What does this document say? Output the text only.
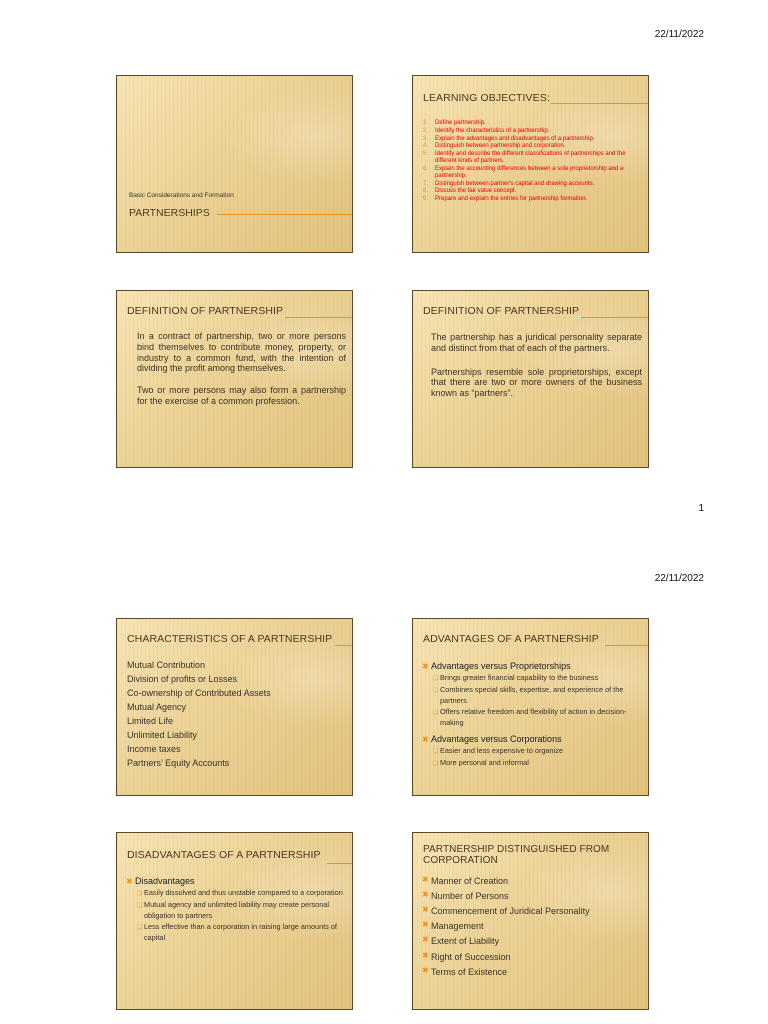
22/11/2022
Basic Considerations and Formation
PARTNERSHIPS
LEARNING OBJECTIVES:
1.	Define partnership.
2.	Identify the characteristics of a partnership.
3.	Explain the advantages and disadvantages of a partnership.
4.	Distinguish between partnership and corporation.
5.	Identify and describe the different classifications of partnerships and the different kinds of partners.
6.	Explain the accounting differences between a sole proprietorship and a partnership.
7.	Distinguish between partner's capital and drawing accounts.
8.	Discuss the fair value concept.
9.	Prepare and explain the entries for partnership formation.
DEFINITION OF PARTNERSHIP

In a contract of partnership, two or more persons bind themselves to contribute money, property, or industry to a common fund, with the intention of dividing the profit among themselves.

Two or more persons may also form a partnership for the exercise of a common profession.

DEFINITION OF PARTNERSHIP

The partnership has a juridical personality separate and distinct from that of each of the partners.

Partnerships resemble sole proprietorships, except that there are two or more owners of the business known as “partners”.

1
22/11/2022
CHARACTERISTICS OF A PARTNERSHIP
Mutual Contribution
Division of profits or Losses
Co-ownership of Contributed Assets
Mutual Agency
Limited Life
Unlimited Liability
Income taxes
Partners’ Equity Accounts
ADVANTAGES OF A PARTNERSHIP
✖ Advantages versus Proprietorships
❑ Brings greater financial capability to the business
❑ Combines special skills, expertise, and experience of the partners
❑ Offers relative freedom and flexibility of action in decision-making
✖ Advantages versus Corporations
❑ Easier and less expensive to organize
❑ More personal and informal
DISADVANTAGES OF A PARTNERSHIP
✖ Disadvantages
❑ Easily dissolved and thus unstable compared to a corporation
❑ Mutual agency and unlimited liability may create personal obligation to partners
❑ Less effective than a corporation in raising large amounts of capital
PARTNERSHIP DISTINGUISHED FROM
CORPORATION
✖ Manner of Creation
✖ Number of Persons
✖ Commencement of Juridical Personality
✖ Management
✖ Extent of Liability
✖ Right of Succession
✖ Terms of Existence
